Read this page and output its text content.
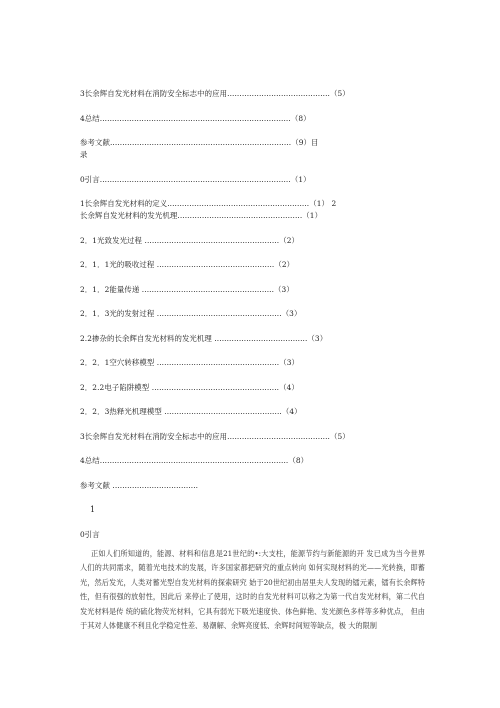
3长余辉自发光材料在消防安全标志中的应用..........................................（5）
4总结..............................................................................（8）
参考文献..........................................................................（9）目
录
0引言..............................................................................（1）
1长余辉自发光材料的定义..........................................................（1） 2
长余辉自发光材料的发光机理...................................................（1）
2．1光致发光过程 .......................................................（2）
2．1．1光的吸收过程 ................................................（2）
2．1．2能量传递 ......................................................（3）
2．1．3光的发射过程 ...................................................（3）
2.2掺杂的长余辉自发光材料的发光机理 ......................................（3）
2．2．1空穴转移模型 ..................................................（3）
2．2.2电子陷阱模型 ....................................................（4）
2．2．3热释光机理模型 ................................................（4）
3长余辉自发光材料在消防安全标志中的应用..........................................（5）
4总结.............................................................................（8）
参考文献 ...................................
1
0引言
正如人们所知道的，能源、材料和信息是21世纪的•:大支柱，能源节约与新能源的开 发已成为当今世界人们的共同需求，随着光电技术的发展，许多国家都把研究的重点转向 如何实现材料的光——光转换，即蓄光，然后发光，人类对蓄光型自发光材料的探索研究 始于20世纪初由居里夫人发现的镭元素，镭有长余辉特性，但有很强的放射性，因此后 来停止了使用，这时的自发光材料可以称之为第一代自发光材料，第二代自发光材料是传 统的硫化物荧光材料，它具有弱光下吸光速度快、体色鲜艳、发光颜色多样等多种优点， 但由于其对人体健康不利且化学稳定性差、易潮解、余辉亮度低、余辉时间短等缺点，极 大的限制
